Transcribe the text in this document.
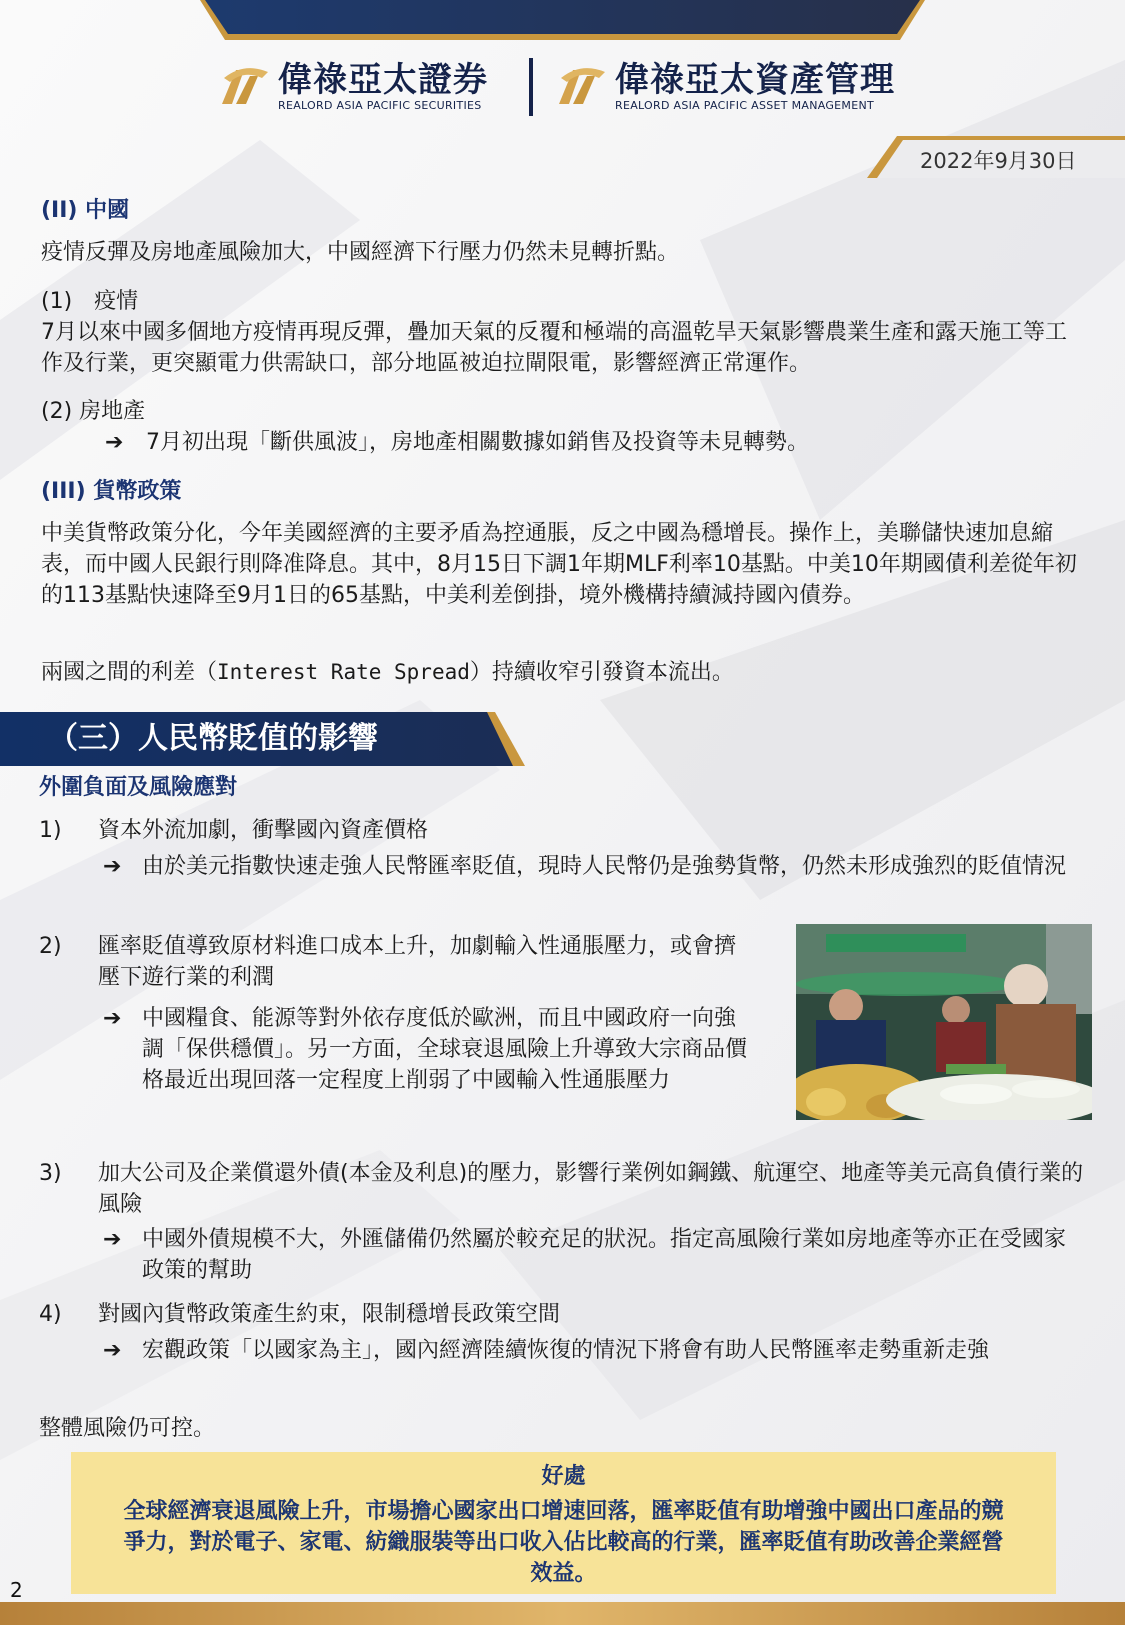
偉祿亞太證券
REALORD ASIA PACIFIC SECURITIES
偉祿亞太資產管理
REALORD ASIA PACIFIC ASSET MANAGEMENT
2022年9月30日

(II) 中國

疫情反彈及房地產風險加大，中國經濟下行壓力仍然未見轉折點。

(1)　疫情

7月以來中國多個地方疫情再現反彈，疊加天氣的反覆和極端的高溫乾旱天氣影響農業生產和露天施工等工作及行業，更突顯電力供需缺口，部分地區被迫拉閘限電，影響經濟正常運作。

(2) 房地產

➔ 7月初出現「斷供風波」，房地產相關數據如銷售及投資等未見轉勢。

(III) 貨幣政策

中美貨幣政策分化，今年美國經濟的主要矛盾為控通脹，反之中國為穩增長。操作上，美聯儲快速加息縮表，而中國人民銀行則降准降息。其中，8月15日下調1年期MLF利率10基點。中美10年期國債利差從年初的113基點快速降至9月1日的65基點，中美利差倒掛，境外機構持續減持國內債券。

兩國之間的利差（Interest Rate Spread）持續收窄引發資本流出。

（三）人民幣貶值的影響

外圍負面及風險應對

1) 資本外流加劇，衝擊國內資產價格

➔ 由於美元指數快速走強人民幣匯率貶值，現時人民幣仍是強勢貨幣，仍然未形成強烈的貶值情況

2) 匯率貶值導致原材料進口成本上升，加劇輸入性通脹壓力，或會擠壓下遊行業的利潤

➔ 中國糧食、能源等對外依存度低於歐洲，而且中國政府一向強調「保供穩價」。另一方面，全球衰退風險上升導致大宗商品價格最近出現回落一定程度上削弱了中國輸入性通脹壓力

3) 加大公司及企業償還外債(本金及利息)的壓力，影響行業例如鋼鐵、航運空、地產等美元高負債行業的風險

➔ 中國外債規模不大，外匯儲備仍然屬於較充足的狀況。指定高風險行業如房地產等亦正在受國家政策的幫助

4) 對國內貨幣政策產生約束，限制穩增長政策空間

➔ 宏觀政策「以國家為主」，國內經濟陸續恢復的情況下將會有助人民幣匯率走勢重新走強

整體風險仍可控。

好處
全球經濟衰退風險上升，市場擔心國家出口增速回落，匯率貶值有助增強中國出口產品的競爭力，對於電子、家電、紡織服裝等出口收入佔比較高的行業，匯率貶值有助改善企業經營效益。
2
